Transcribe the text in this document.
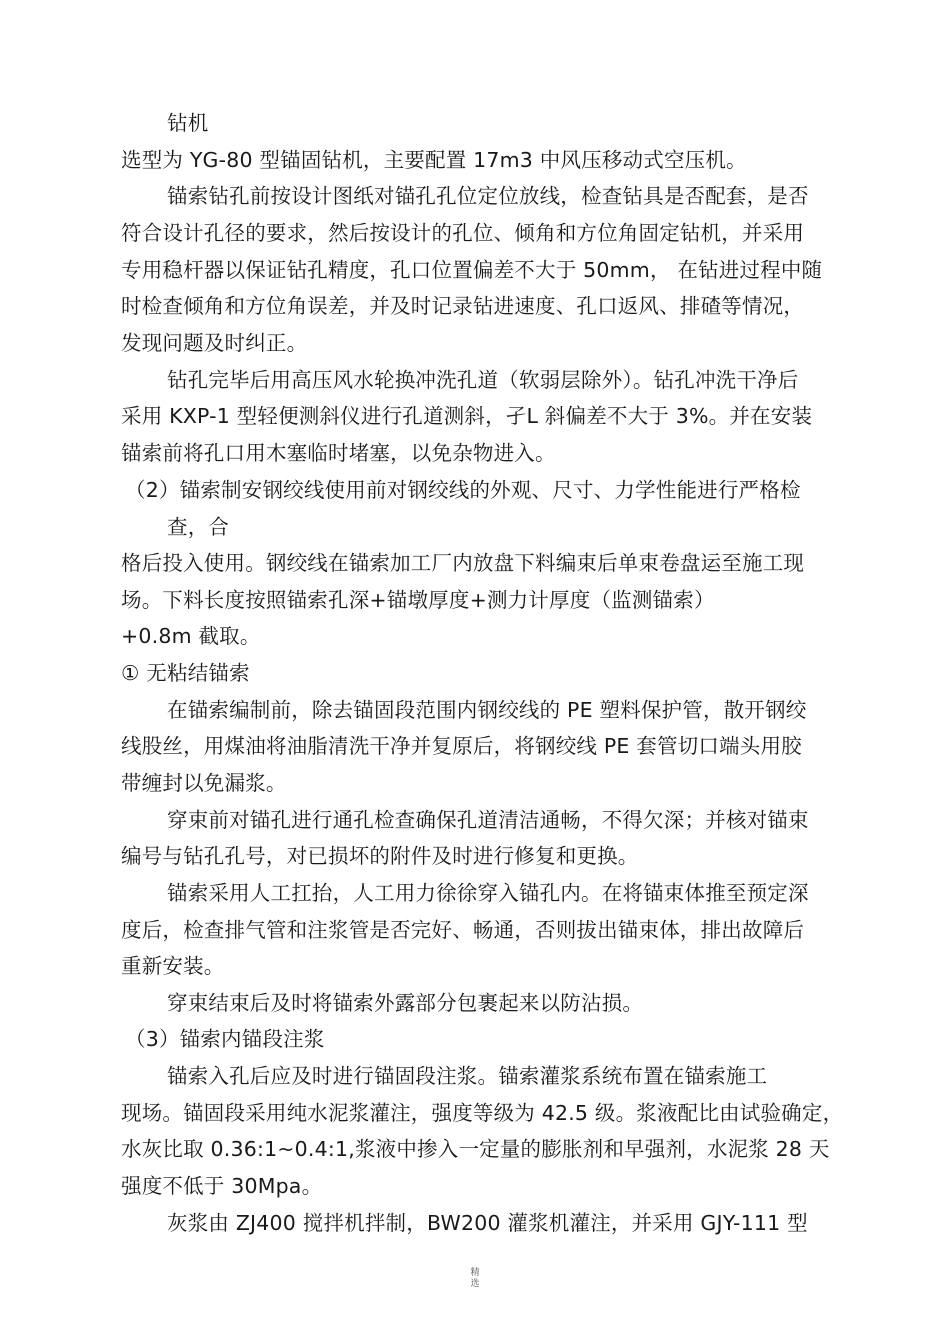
钻机
选型为 YG-80 型锚固钻机，主要配置 17m3 中风压移动式空压机。
锚索钻孔前按设计图纸对锚孔孔位定位放线，检查钻具是否配套，是否
符合设计孔径的要求，然后按设计的孔位、倾角和方位角固定钻机，并采用
专用稳杆器以保证钻孔精度，孔口位置偏差不大于 50mm， 在钻进过程中随
时检查倾角和方位角误差，并及时记录钻进速度、孔口返风、排碴等情况，
发现问题及时纠正。
钻孔完毕后用高压风水轮换冲洗孔道（软弱层除外）。钻孔冲洗干净后
采用 KXP-1 型轻便测斜仪进行孔道测斜，孑L 斜偏差不大于 3%。并在安装
锚索前将孔口用木塞临时堵塞，以免杂物进入。
（2）锚索制安钢绞线使用前对钢绞线的外观、尺寸、力学性能进行严格检
查，合
格后投入使用。钢绞线在锚索加工厂内放盘下料编束后单束卷盘运至施工现
场。下料长度按照锚索孔深+锚墩厚度+测力计厚度（监测锚索）
+0.8m 截取。
① 无粘结锚索
在锚索编制前，除去锚固段范围内钢绞线的 PE 塑料保护管，散开钢绞
线股丝，用煤油将油脂清洗干净并复原后，将钢绞线 PE 套管切口端头用胶
带缠封以免漏浆。
穿束前对锚孔进行通孔检查确保孔道清洁通畅，不得欠深；并核对锚束
编号与钻孔孔号，对已损坏的附件及时进行修复和更换。
锚索采用人工扛抬，人工用力徐徐穿入锚孔内。在将锚束体推至预定深
度后，检查排气管和注浆管是否完好、畅通，否则拔出锚束体，排出故障后
重新安装。
穿束结束后及时将锚索外露部分包裹起来以防沾损。
（3）锚索内锚段注浆
锚索入孔后应及时进行锚固段注浆。锚索灌浆系统布置在锚索施工
现场。锚固段采用纯水泥浆灌注，强度等级为 42.5 级。浆液配比由试验确定，
水灰比取 0.36:1~0.4:1,浆液中掺入一定量的膨胀剂和早强剂，水泥浆 28 天
强度不低于 30Mpa。
灰浆由 ZJ400 搅拌机拌制，BW200 灌浆机灌注，并采用 GJY-111 型
精
选
